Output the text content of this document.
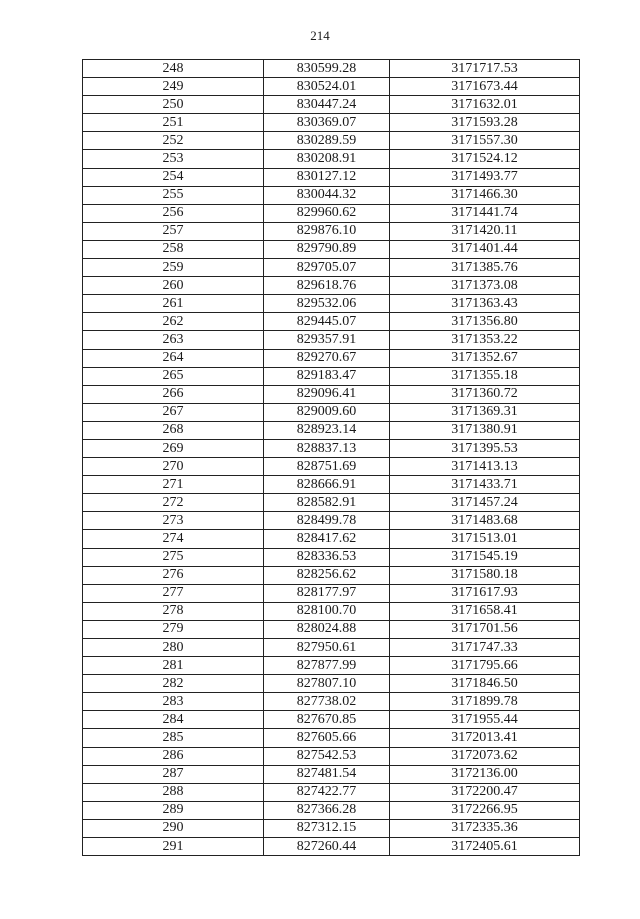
214
248	830599.28	3171717.53
249	830524.01	3171673.44
250	830447.24	3171632.01
251	830369.07	3171593.28
252	830289.59	3171557.30
253	830208.91	3171524.12
254	830127.12	3171493.77
255	830044.32	3171466.30
256	829960.62	3171441.74
257	829876.10	3171420.11
258	829790.89	3171401.44
259	829705.07	3171385.76
260	829618.76	3171373.08
261	829532.06	3171363.43
262	829445.07	3171356.80
263	829357.91	3171353.22
264	829270.67	3171352.67
265	829183.47	3171355.18
266	829096.41	3171360.72
267	829009.60	3171369.31
268	828923.14	3171380.91
269	828837.13	3171395.53
270	828751.69	3171413.13
271	828666.91	3171433.71
272	828582.91	3171457.24
273	828499.78	3171483.68
274	828417.62	3171513.01
275	828336.53	3171545.19
276	828256.62	3171580.18
277	828177.97	3171617.93
278	828100.70	3171658.41
279	828024.88	3171701.56
280	827950.61	3171747.33
281	827877.99	3171795.66
282	827807.10	3171846.50
283	827738.02	3171899.78
284	827670.85	3171955.44
285	827605.66	3172013.41
286	827542.53	3172073.62
287	827481.54	3172136.00
288	827422.77	3172200.47
289	827366.28	3172266.95
290	827312.15	3172335.36
291	827260.44	3172405.61
